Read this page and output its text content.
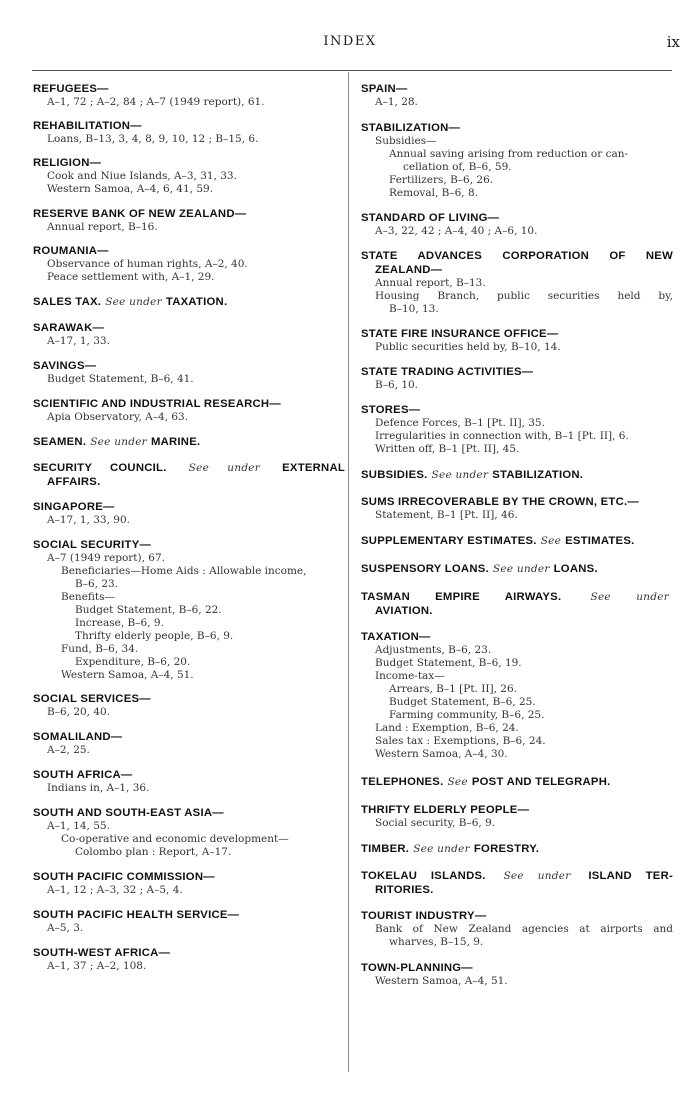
INDEX	ix
REFUGEES—
A–1, 72 ; A–2, 84 ; A–7 (1949 report), 61.
REHABILITATION—
Loans, B–13, 3, 4, 8, 9, 10, 12 ; B–15, 6.
RELIGION—
Cook and Niue Islands, A–3, 31, 33.
Western Samoa, A–4, 6, 41, 59.
RESERVE BANK OF NEW ZEALAND—
Annual report, B–16.
ROUMANIA—
Observance of human rights, A–2, 40.
Peace settlement with, A–1, 29.
SALES TAX. See under TAXATION.
SARAWAK—
A–17, 1, 33.
SAVINGS—
Budget Statement, B–6, 41.
SCIENTIFIC AND INDUSTRIAL RESEARCH—
Apia Observatory, A–4, 63.
SEAMEN. See under MARINE.
SECURITY COUNCIL. See under EXTERNAL
AFFAIRS.
SINGAPORE—
A–17, 1, 33, 90.
SOCIAL SECURITY—
A–7 (1949 report), 67.
Beneficiaries—Home Aids : Allowable income,
B–6, 23.
Benefits—
Budget Statement, B–6, 22.
Increase, B–6, 9.
Thrifty elderly people, B–6, 9.
Fund, B–6, 34.
Expenditure, B–6, 20.
Western Samoa, A–4, 51.
SOCIAL SERVICES—
B–6, 20, 40.
SOMALILAND—
A–2, 25.
SOUTH AFRICA—
Indians in, A–1, 36.
SOUTH AND SOUTH-EAST ASIA—
A–1, 14, 55.
Co-operative and economic development—
Colombo plan : Report, A–17.
SOUTH PACIFIC COMMISSION—
A–1, 12 ; A–3, 32 ; A–5, 4.
SOUTH PACIFIC HEALTH SERVICE—
A–5, 3.
SOUTH-WEST AFRICA—
A–1, 37 ; A–2, 108.
SPAIN—
A–1, 28.
STABILIZATION—
Subsidies—
Annual saving arising from reduction or can-
cellation of, B–6, 59.
Fertilizers, B–6, 26.
Removal, B–6, 8.
STANDARD OF LIVING—
A–3, 22, 42 ; A–4, 40 ; A–6, 10.
STATE ADVANCES CORPORATION OF NEW
ZEALAND—
Annual report, B–13.
Housing Branch, public securities held by,
B–10, 13.
STATE FIRE INSURANCE OFFICE—
Public securities held by, B–10, 14.
STATE TRADING ACTIVITIES—
B–6, 10.
STORES—
Defence Forces, B–1 [Pt. II], 35.
Irregularities in connection with, B–1 [Pt. II], 6.
Written off, B–1 [Pt. II], 45.
SUBSIDIES. See under STABILIZATION.
SUMS IRRECOVERABLE BY THE CROWN, ETC.—
Statement, B–1 [Pt. II], 46.
SUPPLEMENTARY ESTIMATES. See ESTIMATES.
SUSPENSORY LOANS. See under LOANS.
TASMAN EMPIRE AIRWAYS.	See under
AVIATION.
TAXATION—
Adjustments, B–6, 23.
Budget Statement, B–6, 19.
Income-tax—
Arrears, B–1 [Pt. II], 26.
Budget Statement, B–6, 25.
Farming community, B–6, 25.
Land : Exemption, B–6, 24.
Sales tax : Exemptions, B–6, 24.
Western Samoa, A–4, 30.
TELEPHONES. See POST AND TELEGRAPH.
THRIFTY ELDERLY PEOPLE—
Social security, B–6, 9.
TIMBER. See under FORESTRY.
TOKELAU ISLANDS. See under ISLAND TER-
RITORIES.
TOURIST INDUSTRY—
Bank of New Zealand agencies at airports and
wharves, B–15, 9.
TOWN-PLANNING—
Western Samoa, A–4, 51.
